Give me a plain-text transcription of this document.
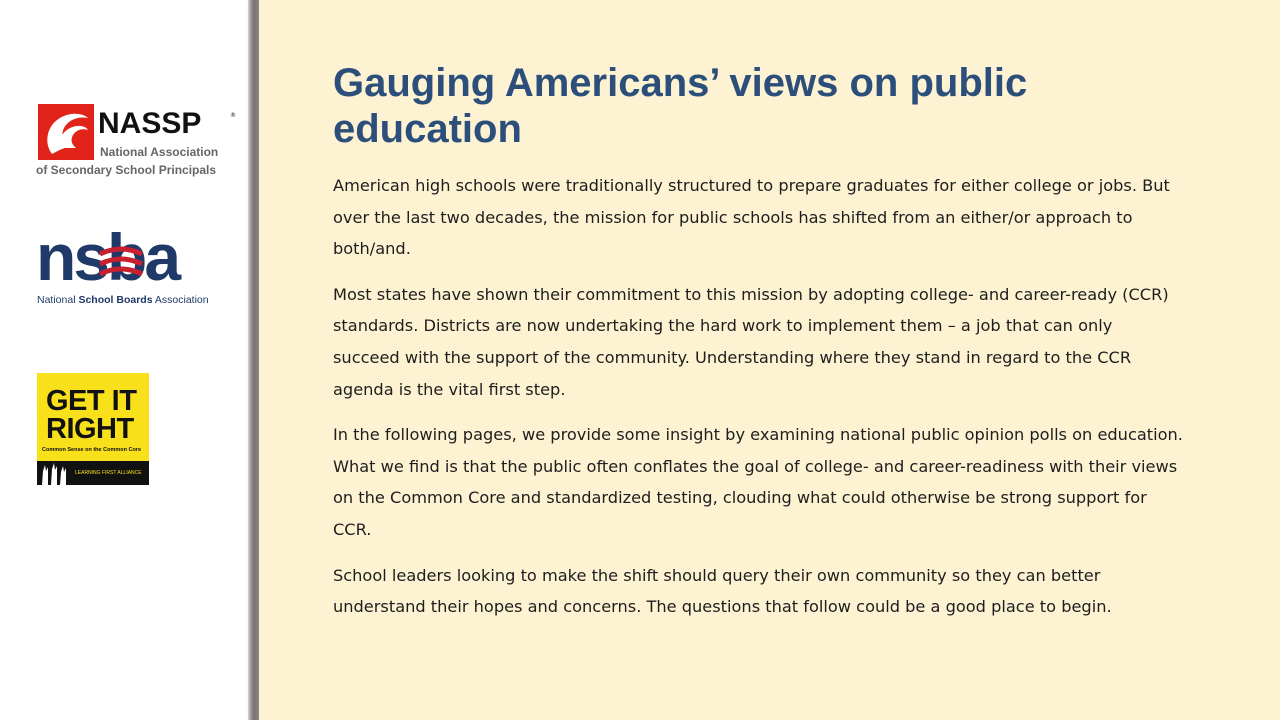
NASSP	®
National Association
of Secondary School Principals
nsba
National School Boards Association
GET IT
RIGHT
Common Sense on the Common Core
LEARNING FIRST ALLIANCE
Gauging Americans’ views on public education

American high schools were traditionally structured to prepare graduates for either college or jobs. But over the last two decades, the mission for public schools has shifted from an either/or approach to both/and.

Most states have shown their commitment to this mission by adopting college- and career-ready (CCR) standards. Districts are now undertaking the hard work to implement them – a job that can only succeed with the support of the community. Understanding where they stand in regard to the CCR agenda is the vital first step.

In the following pages, we provide some insight by examining national public opinion polls on education. What we find is that the public often conflates the goal of college- and career-readiness with their views on the Common Core and standardized testing, clouding what could otherwise be strong support for CCR.

School leaders looking to make the shift should query their own community so they can better understand their hopes and concerns. The questions that follow could be a good place to begin.
